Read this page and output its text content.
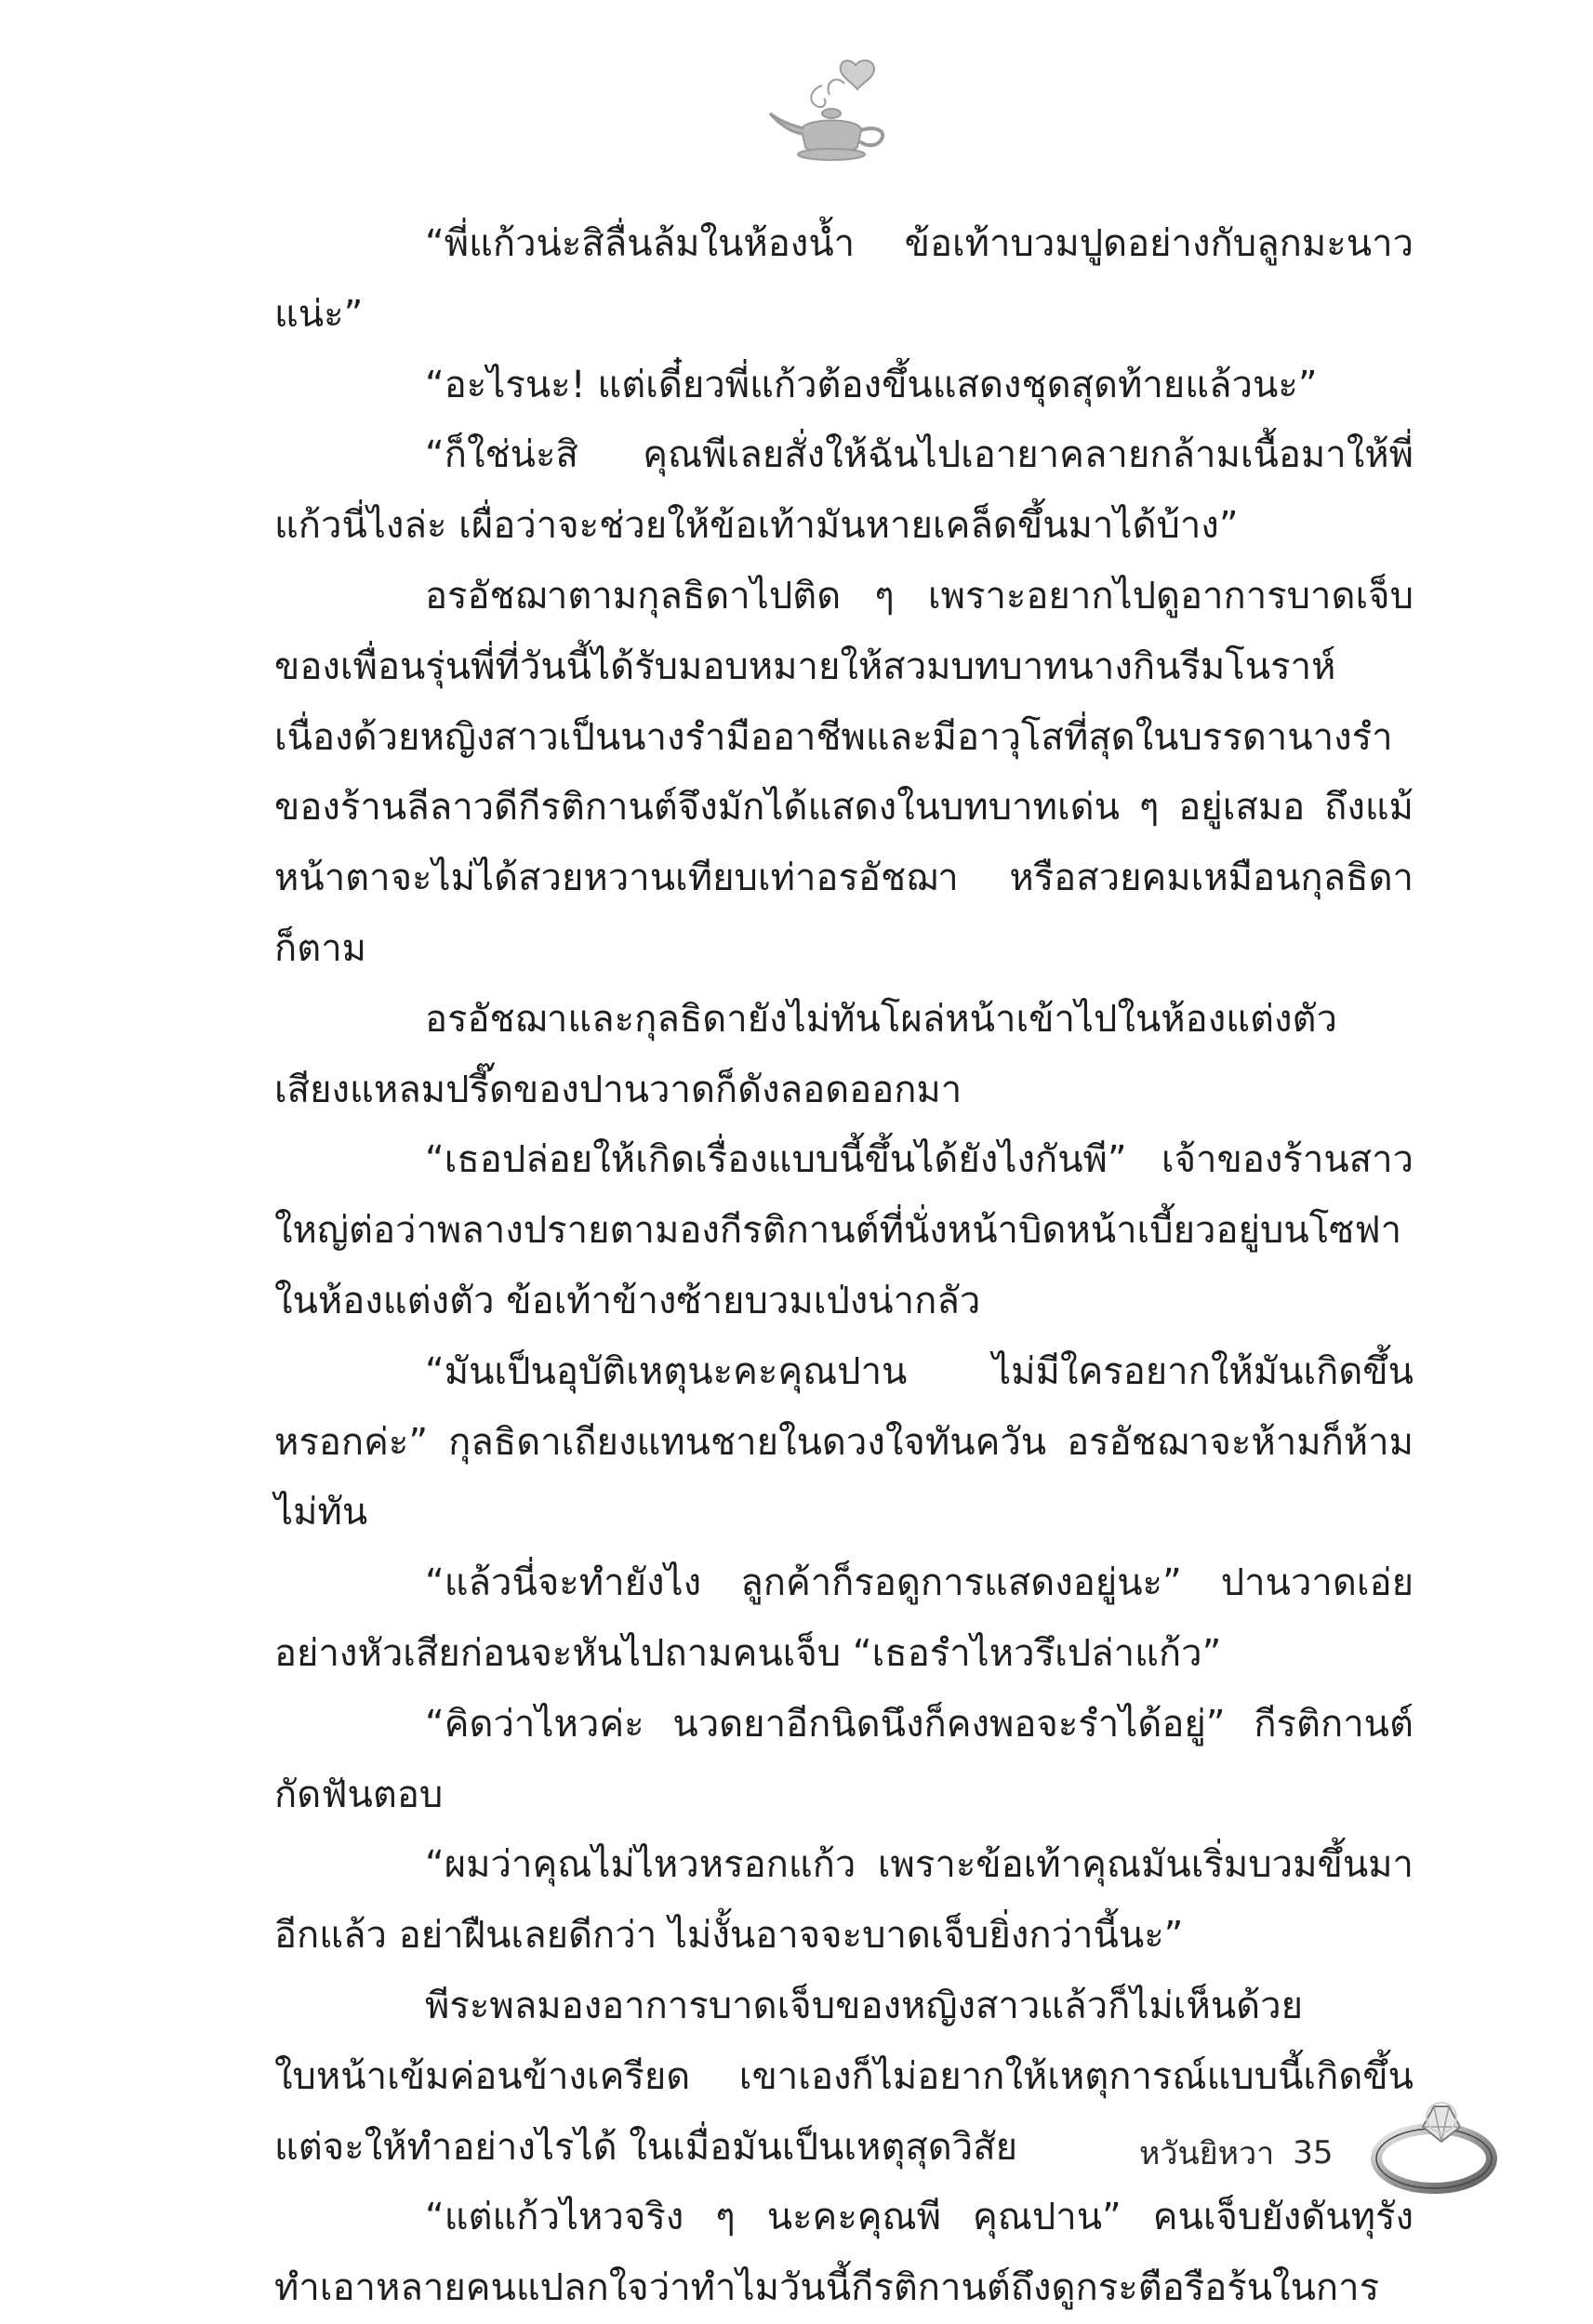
“พี่แก้วน่ะสิลื่นล้มในห้องน้ำ ข้อเท้าบวมปูดอย่างกับลูกมะนาวแน่ะ”

“อะไรนะ! แต่เดี๋ยวพี่แก้วต้องขึ้นแสดงชุดสุดท้ายแล้วนะ”

“ก็ใช่น่ะสิ คุณพีเลยสั่งให้ฉันไปเอายาคลายกล้ามเนื้อมาให้พี่แก้วนี่ไงล่ะ เผื่อว่าจะช่วยให้ข้อเท้ามันหายเคล็ดขึ้นมาได้บ้าง”

อรอัชฌาตามกุลธิดาไปติด ๆ เพราะอยากไปดูอาการบาดเจ็บของเพื่อนรุ่นพี่ที่วันนี้ได้รับมอบหมายให้สวมบทบาทนางกินรีมโนราห์ เนื่องด้วยหญิงสาวเป็นนางรำมืออาชีพและมีอาวุโสที่สุดในบรรดานางรำของร้านลีลาวดีกีรติกานต์จึงมักได้แสดงในบทบาทเด่น ๆ อยู่เสมอ ถึงแม้หน้าตาจะไม่ได้สวยหวานเทียบเท่าอรอัชฌา หรือสวยคมเหมือนกุลธิดาก็ตาม

อรอัชฌาและกุลธิดายังไม่ทันโผล่หน้าเข้าไปในห้องแต่งตัว เสียงแหลมปรี๊ดของปานวาดก็ดังลอดออกมา

“เธอปล่อยให้เกิดเรื่องแบบนี้ขึ้นได้ยังไงกันพี” เจ้าของร้านสาวใหญ่ต่อว่าพลางปรายตามองกีรติกานต์ที่นั่งหน้าบิดหน้าเบี้ยวอยู่บนโซฟาในห้องแต่งตัว ข้อเท้าข้างซ้ายบวมเป่งน่ากลัว

“มันเป็นอุบัติเหตุนะคะคุณปาน ไม่มีใครอยากให้มันเกิดขึ้นหรอกค่ะ” กุลธิดาเถียงแทนชายในดวงใจทันควัน อรอัชฌาจะห้ามก็ห้ามไม่ทัน

“แล้วนี่จะทำยังไง ลูกค้าก็รอดูการแสดงอยู่นะ” ปานวาดเอ่ยอย่างหัวเสียก่อนจะหันไปถามคนเจ็บ “เธอรำไหวรึเปล่าแก้ว”

“คิดว่าไหวค่ะ นวดยาอีกนิดนึงก็คงพอจะรำได้อยู่” กีรติกานต์กัดฟันตอบ

“ผมว่าคุณไม่ไหวหรอกแก้ว เพราะข้อเท้าคุณมันเริ่มบวมขึ้นมาอีกแล้ว อย่าฝืนเลยดีกว่า ไม่งั้นอาจจะบาดเจ็บยิ่งกว่านี้นะ”

พีระพลมองอาการบาดเจ็บของหญิงสาวแล้วก็ไม่เห็นด้วย ใบหน้าเข้มค่อนข้างเครียด เขาเองก็ไม่อยากให้เหตุการณ์แบบนี้เกิดขึ้น แต่จะให้ทำอย่างไรได้ ในเมื่อมันเป็นเหตุสุดวิสัย

“แต่แก้วไหวจริง ๆ นะคะคุณพี คุณปาน” คนเจ็บยังดันทุรังทำเอาหลายคนแปลกใจว่าทำไมวันนี้กีรติกานต์ถึงดูกระตือรือร้นในการ

หวันยิหวา 35
